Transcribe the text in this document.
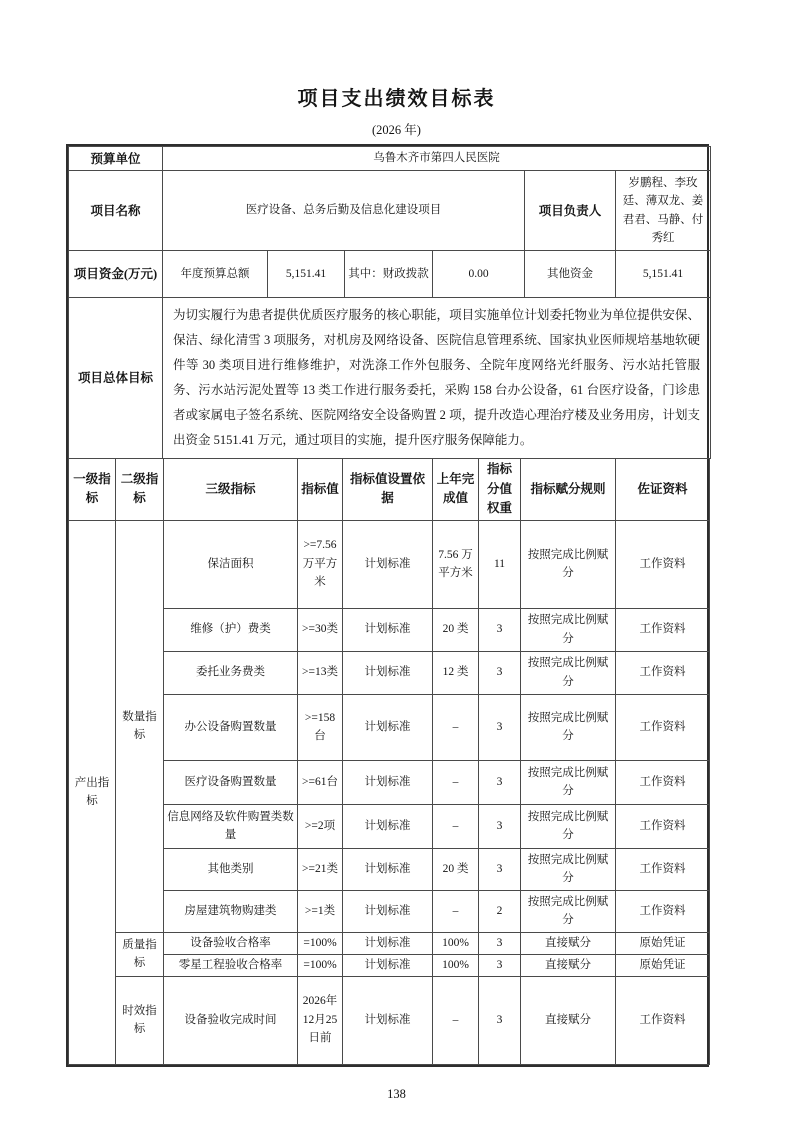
项目支出绩效目标表
(2026 年)
预算单位	乌鲁木齐市第四人民医院					
项目名称	医疗设备、总务后勤及信息化建设项目				项目负责人	岁鹏程、李玫廷、薄双龙、姜君君、马静、付秀红
项目资金(万元)	年度预算总额	5,151.41	其中：财政拨款	0.00	其他资金	5,151.41
项目总体目标	为切实履行为患者提供优质医疗服务的核心职能，项目实施单位计划委托物业为单位提供安保、保洁、绿化清雪 3 项服务，对机房及网络设备、医院信息管理系统、国家执业医师规培基地软硬件等 30 类项目进行维修维护，对洗涤工作外包服务、全院年度网络光纤服务、污水站托管服务、污水站污泥处置等 13 类工作进行服务委托，采购 158 台办公设备，61 台医疗设备，门诊患者或家属电子签名系统、医院网络安全设备购置 2 项，提升改造心理治疗楼及业务用房，计划支出资金 5151.41 万元，通过项目的实施，提升医疗服务保障能力。					
一级指标	二级指标	三级指标	指标值	指标值设置依据	上年完成值	指标分值权重	指标赋分规则	佐证资料
产出指标	数量指标	保洁面积	>=7.56万平方米	计划标准	7.56 万平方米	11	按照完成比例赋分	工作资料
		维修（护）费类	>=30类	计划标准	20 类	3	按照完成比例赋分	工作资料
		委托业务费类	>=13类	计划标准	12 类	3	按照完成比例赋分	工作资料
		办公设备购置数量	>=158台	计划标准	–	3	按照完成比例赋分	工作资料
		医疗设备购置数量	>=61台	计划标准	–	3	按照完成比例赋分	工作资料
		信息网络及软件购置类数量	>=2项	计划标准	–	3	按照完成比例赋分	工作资料
		其他类别	>=21类	计划标准	20 类	3	按照完成比例赋分	工作资料
		房屋建筑物购建类	>=1类	计划标准	–	2	按照完成比例赋分	工作资料
	质量指标	设备验收合格率	=100%	计划标准	100%	3	直接赋分	原始凭证
		零星工程验收合格率	=100%	计划标准	100%	3	直接赋分	原始凭证
	时效指标	设备验收完成时间	2026年12月25日前	计划标准	–	3	直接赋分	工作资料
138
